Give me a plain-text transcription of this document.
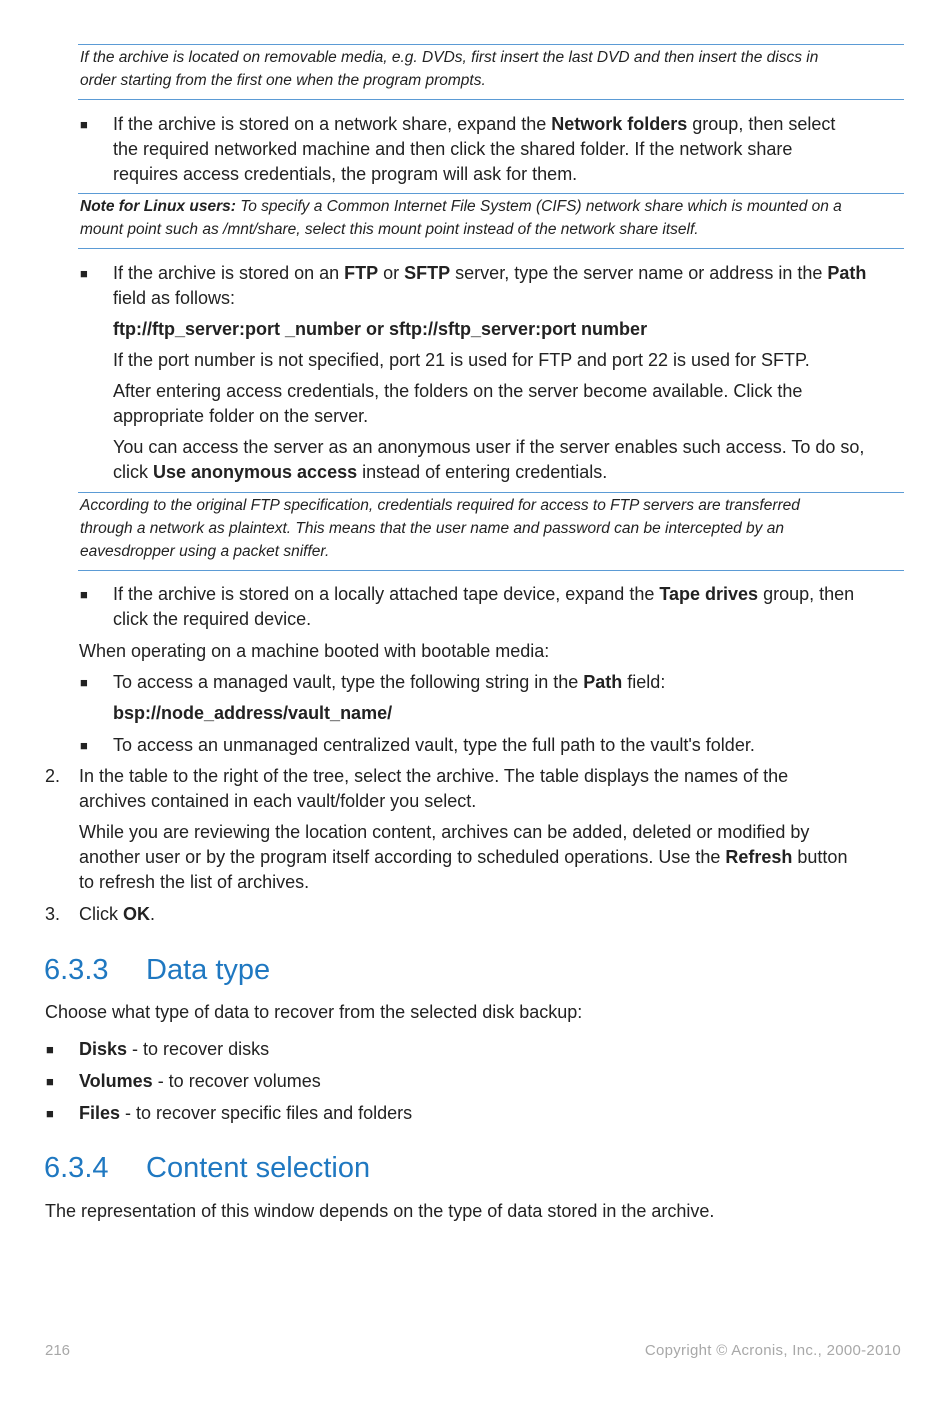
If the archive is located on removable media, e.g. DVDs, first insert the last DVD and then insert the discs in
order starting from the first one when the program prompts.
■ If the archive is stored on a network share, expand the Network folders group, then select
the required networked machine and then click the shared folder. If the network share
requires access credentials, the program will ask for them.
Note for Linux users: To specify a Common Internet File System (CIFS) network share which is mounted on a
mount point such as /mnt/share, select this mount point instead of the network share itself.
■ If the archive is stored on an FTP or SFTP server, type the server name or address in the Path
field as follows:
ftp://ftp_server:port _number or sftp://sftp_server:port number
If the port number is not specified, port 21 is used for FTP and port 22 is used for SFTP.
After entering access credentials, the folders on the server become available. Click the
appropriate folder on the server.
You can access the server as an anonymous user if the server enables such access. To do so,
click Use anonymous access instead of entering credentials.
According to the original FTP specification, credentials required for access to FTP servers are transferred
through a network as plaintext. This means that the user name and password can be intercepted by an
eavesdropper using a packet sniffer.
■ If the archive is stored on a locally attached tape device, expand the Tape drives group, then
click the required device.
When operating on a machine booted with bootable media:
■ To access a managed vault, type the following string in the Path field:
bsp://node_address/vault_name/
■ To access an unmanaged centralized vault, type the full path to the vault's folder.
2. In the table to the right of the tree, select the archive. The table displays the names of the
archives contained in each vault/folder you select.
While you are reviewing the location content, archives can be added, deleted or modified by
another user or by the program itself according to scheduled operations. Use the Refresh button
to refresh the list of archives.
3. Click OK.
6.3.3 Data type
Choose what type of data to recover from the selected disk backup:
■ Disks - to recover disks
■ Volumes - to recover volumes
■ Files - to recover specific files and folders
6.3.4 Content selection
The representation of this window depends on the type of data stored in the archive.
216	Copyright © Acronis, Inc., 2000-2010
